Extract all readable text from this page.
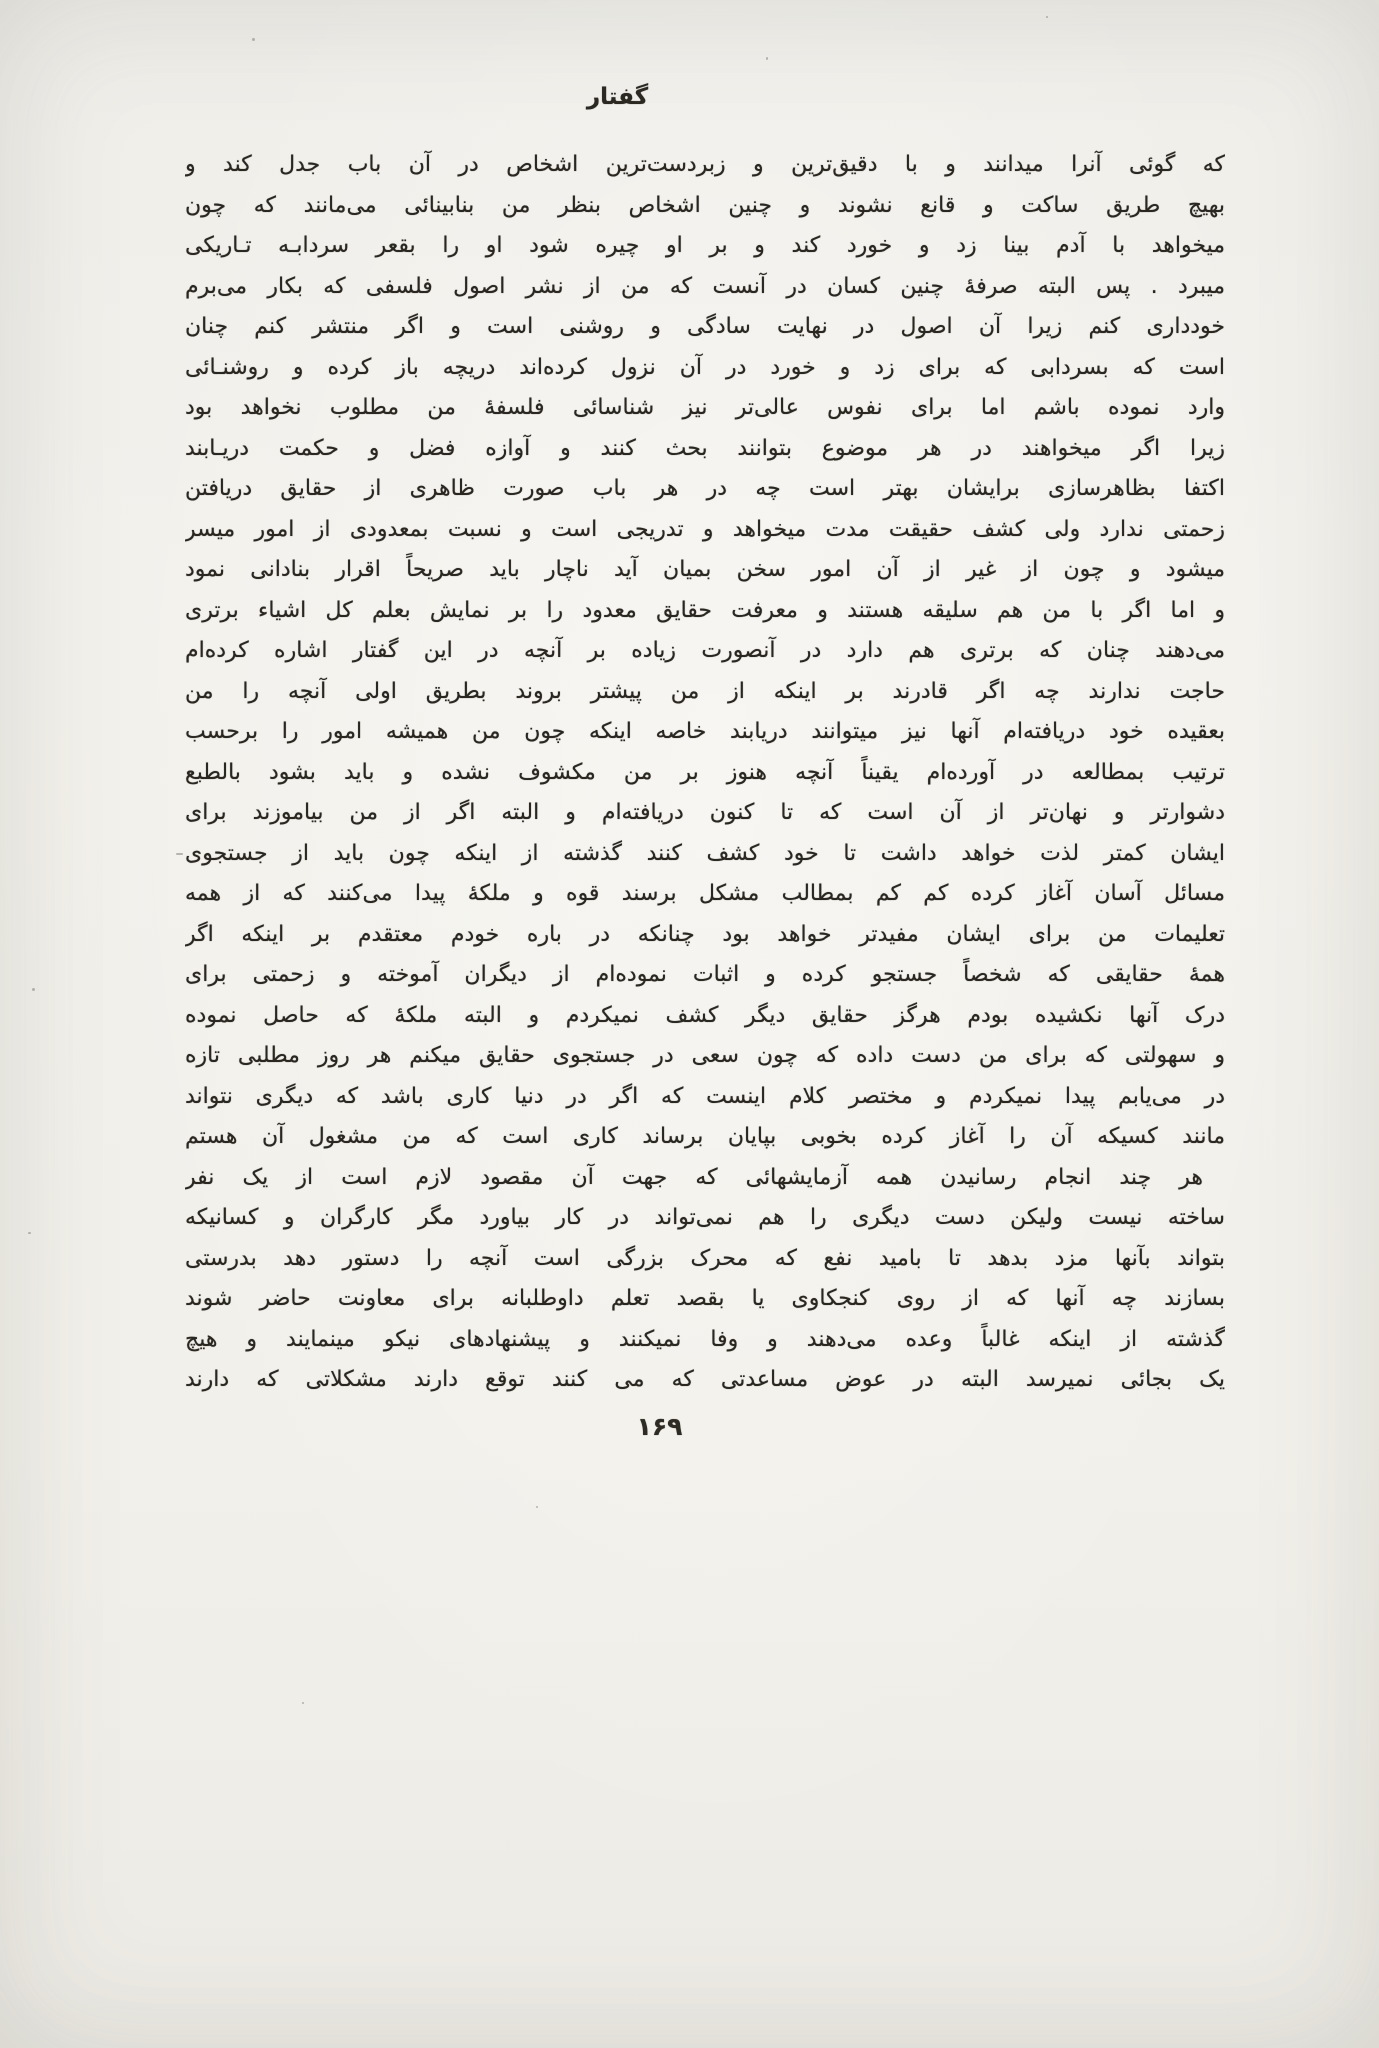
گفتار
که گوئی آنرا میدانند و با دقیق‌ترین و زبردست‌ترین اشخاص در آن باب جدل کند و
بهیچ طریق ساکت و قانع نشوند و چنین اشخاص بنظر من بنابینائی می‌مانند که چون
میخواهد با آدم بینا زد و خورد کند و بر او چیره شود او را بقعر سردابـه تـاریکی
میبرد . پس البته صرفهٔ چنین کسان در آنست که من از نشر اصول فلسفی که بکار می‌برم
خودداری کنم زیرا آن اصول در نهایت سادگی و روشنی است و اگر منتشر کنم چنان
است که بسردابی که برای زد و خورد در آن نزول کرده‌اند دریچه باز کرده و روشنـائی
وارد نموده باشم اما برای نفوس عالی‌تر نیز شناسائی فلسفهٔ من مطلوب نخواهد بود
زیرا اگر میخواهند در هر موضوع بتوانند بحث کنند و آوازه فضل و حکمت دریـابند
اکتفا بظاهرسازی برایشان بهتر است چه در هر باب صورت ظاهری از حقایق دریافتن
زحمتی ندارد ولی کشف حقیقت مدت میخواهد و تدریجی است و نسبت بمعدودی از امور میسر
میشود و چون از غیر از آن امور سخن بمیان آید ناچار باید صریحاً اقرار بنادانی نمود
و اما اگر با من هم سلیقه هستند و معرفت حقایق معدود را بر نمایش بعلم کل اشیاء برتری
می‌دهند چنان که برتری هم دارد در آنصورت زیاده بر آنچه در این گفتار اشاره کرده‌ام
حاجت ندارند چه اگر قادرند بر اینکه از من پیشتر بروند بطریق اولی آنچه را من
بعقیده خود دریافته‌ام آنها نیز میتوانند دریابند خاصه اینکه چون من همیشه امور را برحسب
ترتیب بمطالعه در آورده‌ام یقیناً آنچه هنوز بر من مکشوف نشده و باید بشود بالطبع
دشوارتر و نهان‌تر از آن است که تا کنون دریافته‌ام و البته اگر از من بیاموزند برای
ایشان کمتر لذت خواهد داشت تا خود کشف کنند گذشته از اینکه چون باید از جستجوی
مسائل آسان آغاز کرده کم کم بمطالب مشکل برسند قوه و ملکهٔ پیدا می‌کنند که از همه
تعلیمات من برای ایشان مفیدتر خواهد بود چنانکه در باره خودم معتقدم بر اینکه اگر
همهٔ حقایقی که شخصاً جستجو کرده و اثبات نموده‌ام از دیگران آموخته و زحمتی برای
درک آنها نکشیده بودم هرگز حقایق دیگر کشف نمیکردم و البته ملکهٔ که حاصل نموده
و سهولتی که برای من دست داده که چون سعی در جستجوی حقایق میکنم هر روز مطلبی تازه
در می‌یابم پیدا نمیکردم و مختصر کلام اینست که اگر در دنیا کاری باشد که دیگری نتواند
مانند کسیکه آن را آغاز کرده بخوبی بپایان برساند کاری است که من مشغول آن هستم
 هر چند انجام رسانیدن همه آزمایشهائی که جهت آن مقصود لازم است از یک نفر
ساخته نیست ولیکن دست دیگری را هم نمی‌تواند در کار بیاورد مگر کارگران و کسانیکه
بتواند بآنها مزد بدهد تا بامید نفع که محرک بزرگی است آنچه را دستور دهد بدرستی
بسازند چه آنها که از روی کنجکاوی یا بقصد تعلم داوطلبانه برای معاونت حاضر شوند
گذشته از اینکه غالباً وعده می‌دهند و وفا نمیکنند و پیشنهادهای نیکو مینمایند و هیچ
یک بجائی نمیرسد البته در عوض مساعدتی که می کنند توقع دارند مشکلاتی که دارند
۱۶۹
